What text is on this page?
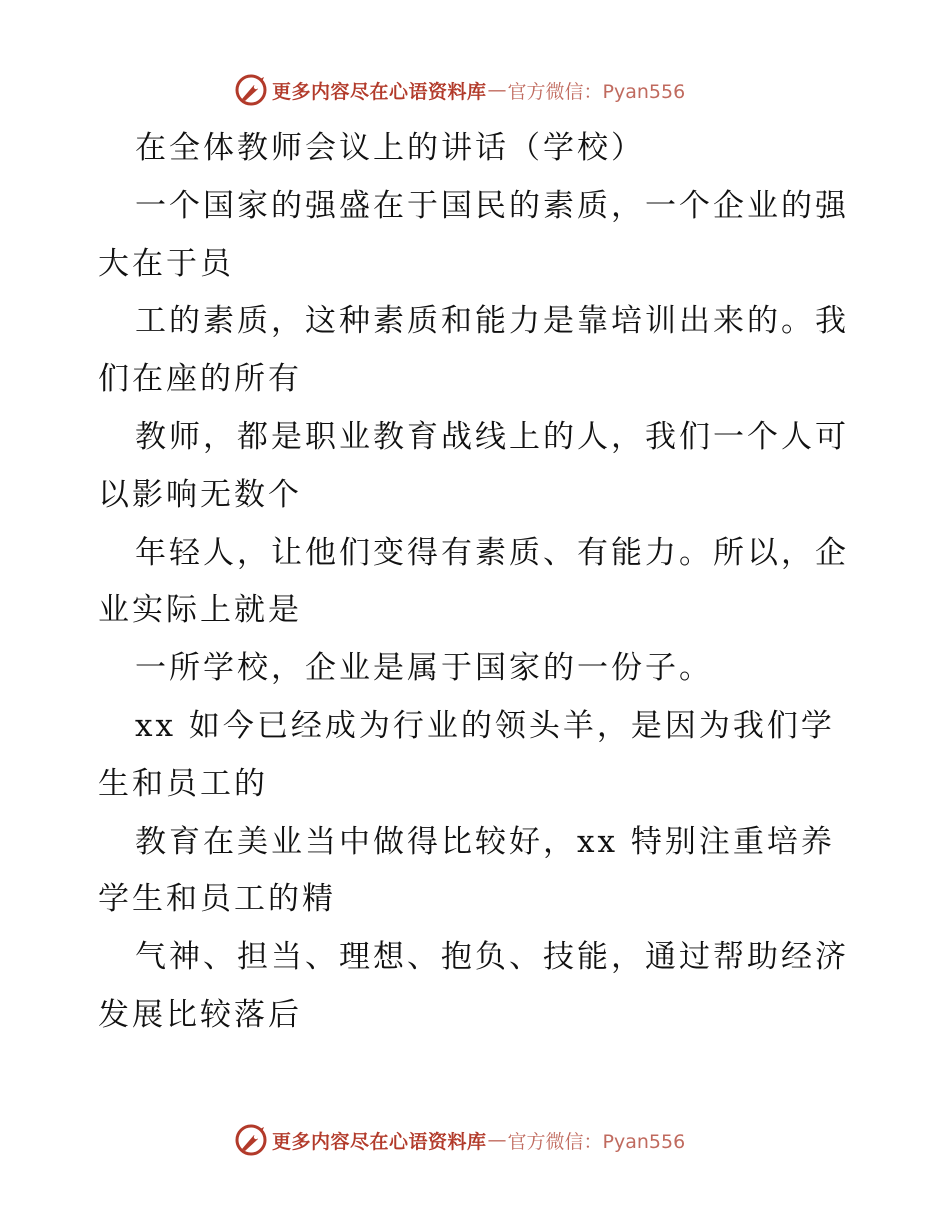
更多内容尽在心语资料库 — 官方微信：Pyan556
在全体教师会议上的讲话（学校）
一个国家的强盛在于国民的素质，一个企业的强
大在于员
工的素质，这种素质和能力是靠培训出来的。我
们在座的所有
教师，都是职业教育战线上的人，我们一个人可
以影响无数个
年轻人，让他们变得有素质、有能力。所以，企
业实际上就是
一所学校，企业是属于国家的一份子。
xx 如今已经成为行业的领头羊，是因为我们学
生和员工的
教育在美业当中做得比较好，xx 特别注重培养
学生和员工的精
气神、担当、理想、抱负、技能，通过帮助经济
发展比较落后
更多内容尽在心语资料库 — 官方微信：Pyan556
